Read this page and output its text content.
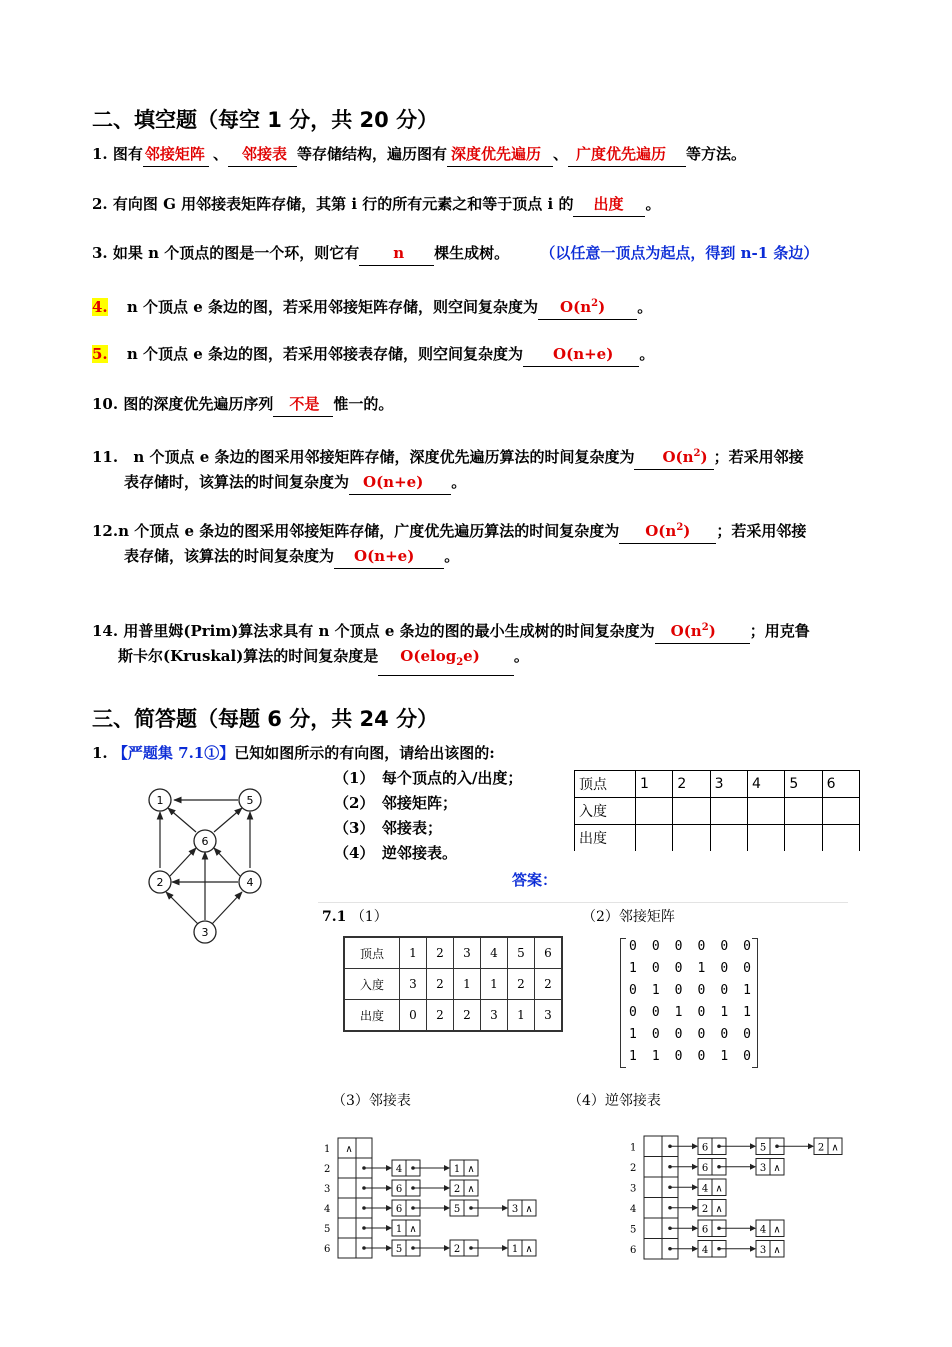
二、填空题（每空 1 分，共 20 分）
1. 图有 邻接矩阵 、 邻接表 等存储结构，遍历图有 深度优先遍历 、 广度优先遍历 等方法。
2. 有向图 G 用邻接表矩阵存储，其第 i 行的所有元素之和等于顶点 i 的 出度 。
3. 如果 n 个顶点的图是一个环，则它有 n 棵生成树。 （以任意一顶点为起点，得到 n-1 条边）
4. n 个顶点 e 条边的图，若采用邻接矩阵存储，则空间复杂度为 $O(n^2)$ 。
5. n 个顶点 e 条边的图，若采用邻接表存储，则空间复杂度为 O(n+e) 。
10. 图的深度优先遍历序列 不是 惟一的。
11. n 个顶点 e 条边的图采用邻接矩阵存储，深度优先遍历算法的时间复杂度为 $O(n^2)$ ；若采用邻接
表存储时，该算法的时间复杂度为 O(n+e) 。
12.n 个顶点 e 条边的图采用邻接矩阵存储，广度优先遍历算法的时间复杂度为 $O(n^2)$ ；若采用邻接
表存储，该算法的时间复杂度为 O(n+e) 。
14. 用普里姆(Prim)算法求具有 n 个顶点 e 条边的图的最小生成树的时间复杂度为 $O(n^2)$ ；用克鲁
斯卡尔(Kruskal)算法的时间复杂度是 O(elog$_2$e) 。
三、简答题（每题 6 分，共 24 分）
1. 【严题集 7.1①】已知如图所示的有向图，请给出该图的:
（1）　每个顶点的入/出度；
（2）　邻接矩阵；
（3）　邻接表；
（4）　逆邻接表。
顶点	1	2	3	4	5	6
入度						
出度						
答案：
1	5
6
2	4
3
7.1 （1）	（2）邻接矩阵
顶点	1	2	3	4	5	6
入度	3	2	1	1	2	2
出度	0	2	2	3	1	3
0 0 0 0 0 0
1 0 0 1 0 0
0 1 0 0 0 1
0 0 1 0 1 1
1 0 0 0 0 0
1 1 0 0 1 0
（3）邻接表	（4）逆邻接表
1 ∧
2	4	1 ∧
3	6	2 ∧
4	6	5	3 ∧
5	1 ∧
6	5	2	1 ∧
1	6	5	2 ∧
2	6	3 ∧
3	4 ∧
4	2 ∧
5	6	4 ∧
6	4	3 ∧
